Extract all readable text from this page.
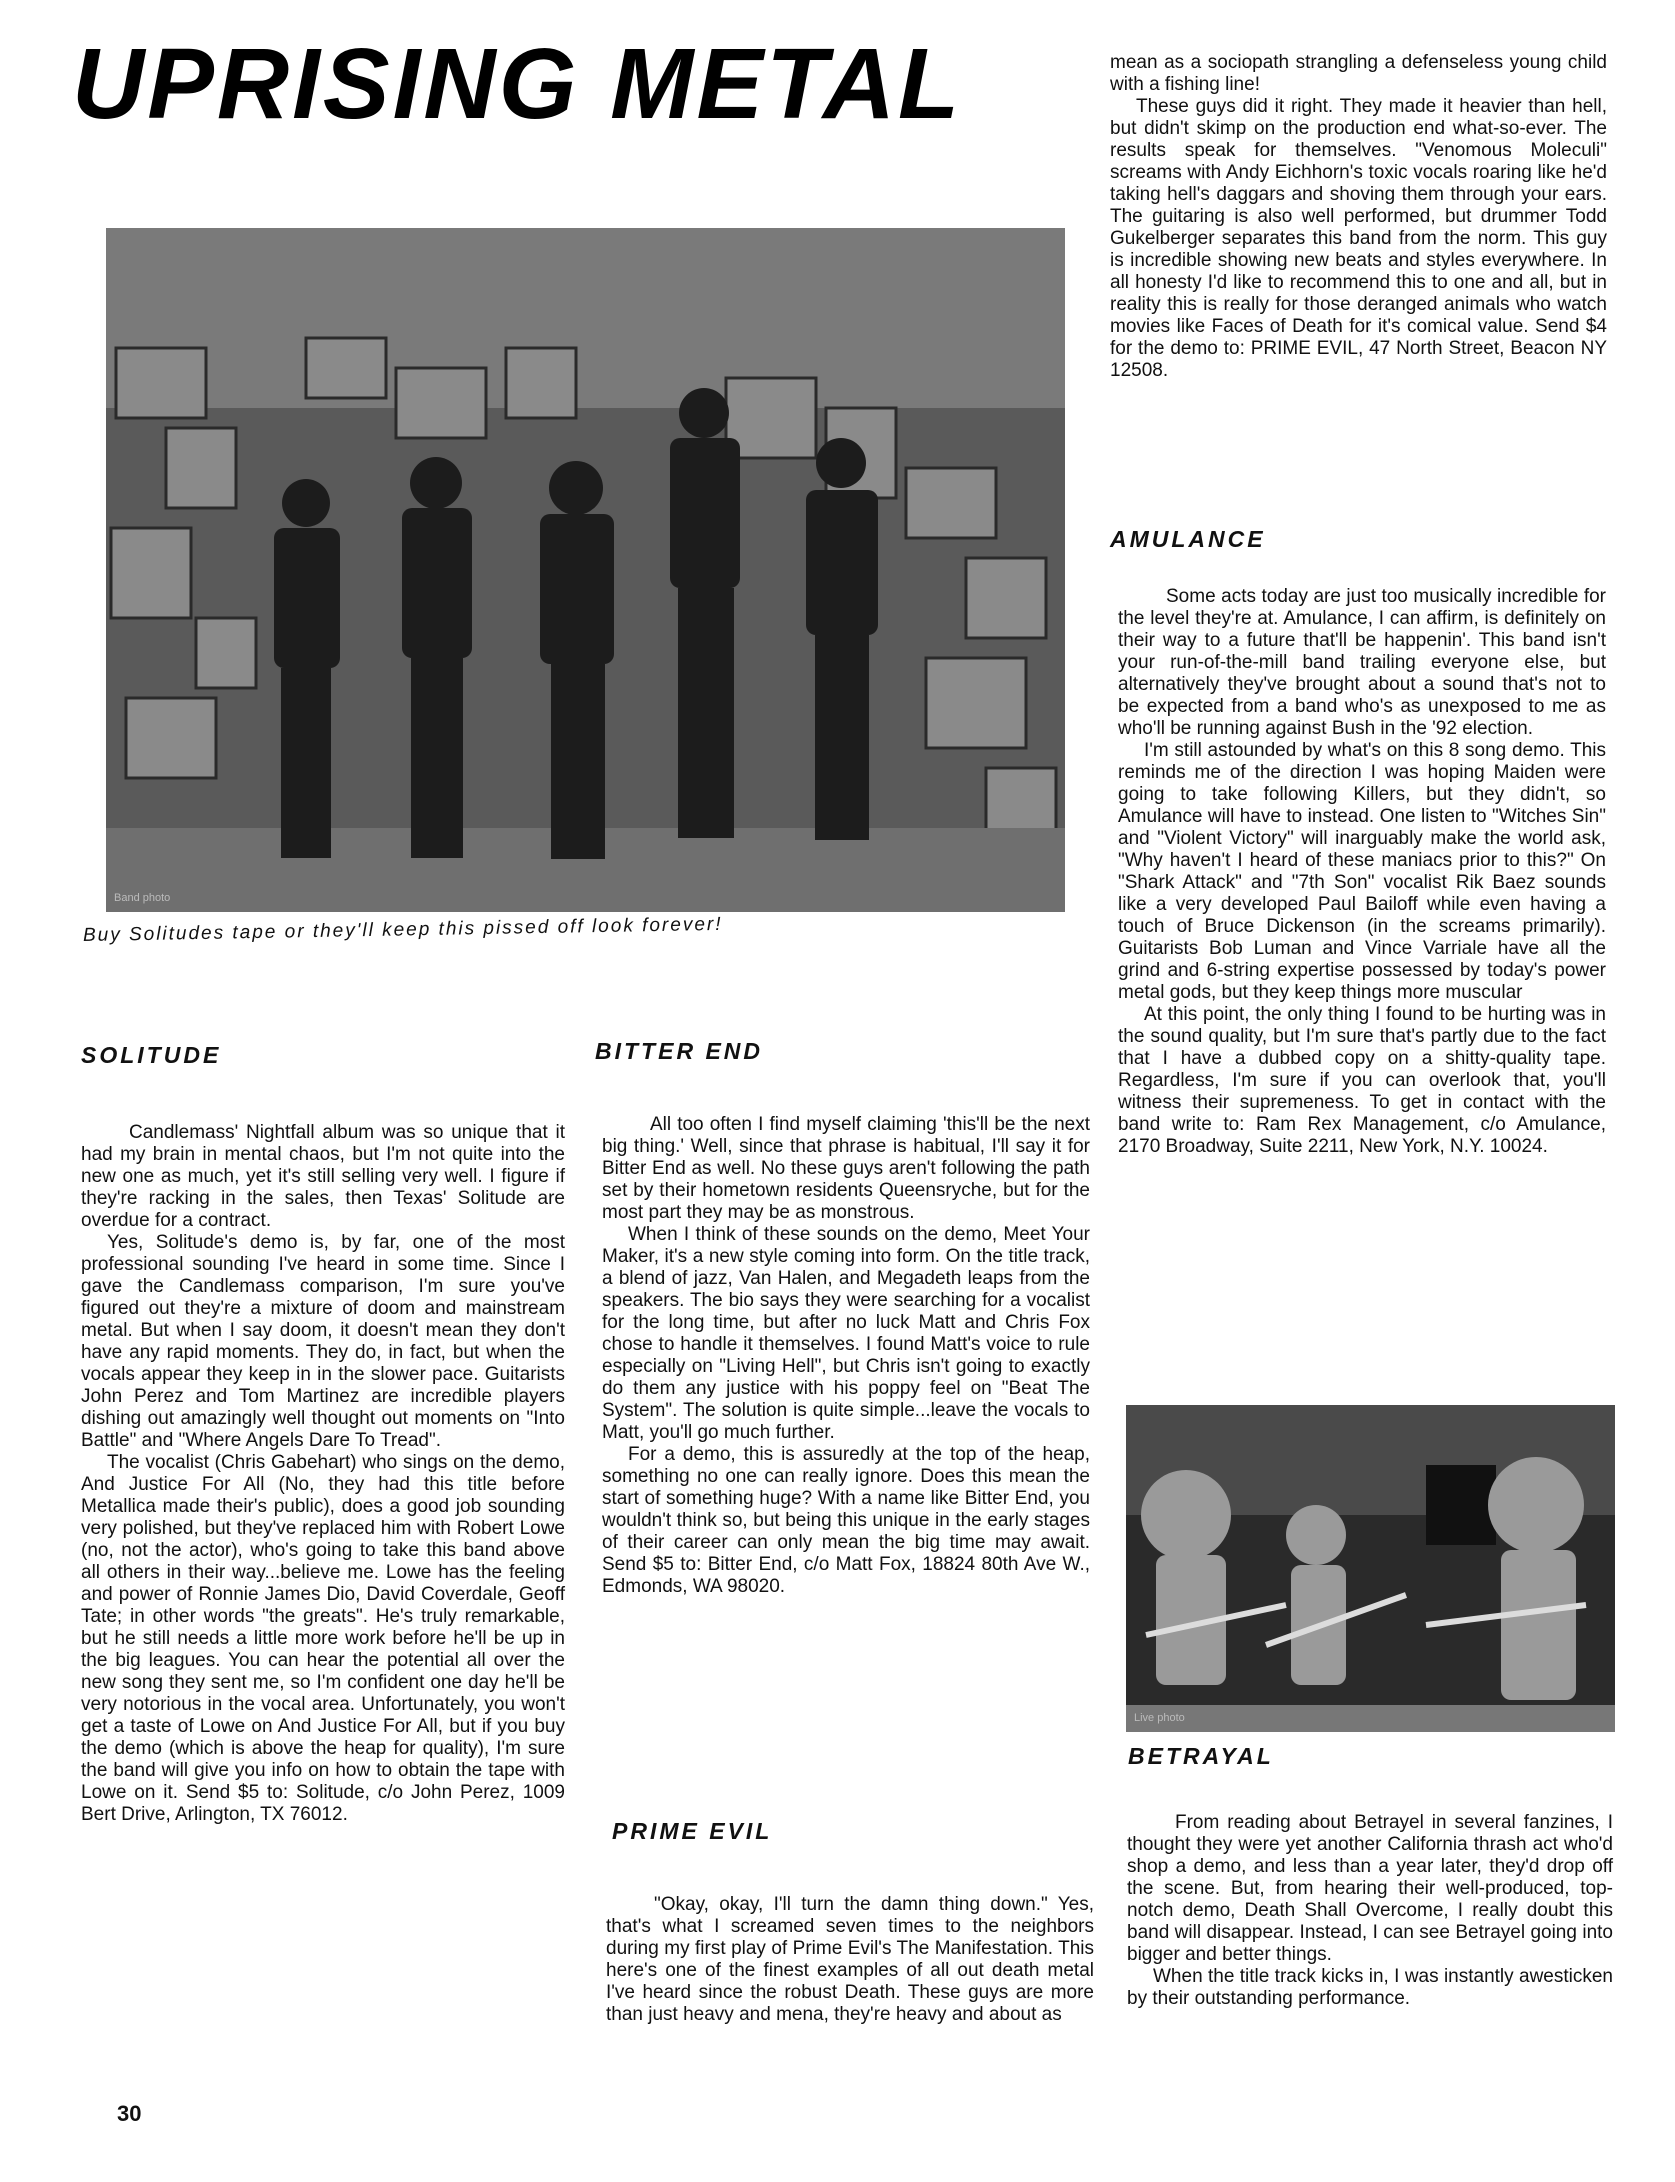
UPRISING METAL
Band photo

Buy Solitudes tape or they'll keep this pissed off look forever!

Live photo
SOLITUDE

Candlemass' Nightfall album was so unique that it had my brain in mental chaos, but I'm not quite into the new one as much, yet it's still selling very well. I figure if they're racking in the sales, then Texas' Solitude are overdue for a contract.

Yes, Solitude's demo is, by far, one of the most professional sounding I've heard in some time. Since I gave the Candlemass comparison, I'm sure you've figured out they're a mixture of doom and mainstream metal. But when I say doom, it doesn't mean they don't have any rapid moments. They do, in fact, but when the vocals appear they keep in in the slower pace. Guitarists John Perez and Tom Martinez are incredible players dishing out amazingly well thought out moments on "Into Battle" and "Where Angels Dare To Tread".

The vocalist (Chris Gabehart) who sings on the demo, And Justice For All (No, they had this title before Metallica made their's public), does a good job sounding very polished, but they've replaced him with Robert Lowe (no, not the actor), who's going to take this band above all others in their way...believe me. Lowe has the feeling and power of Ronnie James Dio, David Coverdale, Geoff Tate; in other words "the greats". He's truly remarkable, but he still needs a little more work before he'll be up in the big leagues. You can hear the potential all over the new song they sent me, so I'm confident one day he'll be very notorious in the vocal area. Unfortunately, you won't get a taste of Lowe on And Justice For All, but if you buy the demo (which is above the heap for quality), I'm sure the band will give you info on how to obtain the tape with Lowe on it. Send $5 to: Solitude, c/o John Perez, 1009 Bert Drive, Arlington, TX 76012.

BITTER END

All too often I find myself claiming 'this'll be the next big thing.' Well, since that phrase is habitual, I'll say it for Bitter End as well. No these guys aren't following the path set by their hometown residents Queensryche, but for the most part they may be as monstrous.

When I think of these sounds on the demo, Meet Your Maker, it's a new style coming into form. On the title track, a blend of jazz, Van Halen, and Megadeth leaps from the speakers. The bio says they were searching for a vocalist for the long time, but after no luck Matt and Chris Fox chose to handle it themselves. I found Matt's voice to rule especially on "Living Hell", but Chris isn't going to exactly do them any justice with his poppy feel on "Beat The System". The solution is quite simple...leave the vocals to Matt, you'll go much further.

For a demo, this is assuredly at the top of the heap, something no one can really ignore. Does this mean the start of something huge? With a name like Bitter End, you wouldn't think so, but being this unique in the early stages of their career can only mean the big time may await. Send $5 to: Bitter End, c/o Matt Fox, 18824 80th Ave W., Edmonds, WA 98020.

PRIME EVIL

"Okay, okay, I'll turn the damn thing down." Yes, that's what I screamed seven times to the neighbors during my first play of Prime Evil's The Manifestation. This here's one of the finest examples of all out death metal I've heard since the robust Death. These guys are more than just heavy and mena, they're heavy and about as

mean as a sociopath strangling a defenseless young child with a fishing line!

These guys did it right. They made it heavier than hell, but didn't skimp on the production end what-so-ever. The results speak for themselves. "Venomous Moleculi" screams with Andy Eichhorn's toxic vocals roaring like he'd taking hell's daggars and shoving them through your ears. The guitaring is also well performed, but drummer Todd Gukelberger separates this band from the norm. This guy is incredible showing new beats and styles everywhere. In all honesty I'd like to recommend this to one and all, but in reality this is really for those deranged animals who watch movies like Faces of Death for it's comical value. Send $4 for the demo to: PRIME EVIL, 47 North Street, Beacon NY 12508.

AMULANCE

Some acts today are just too musically incredible for the level they're at. Amulance, I can affirm, is definitely on their way to a future that'll be happenin'. This band isn't your run-of-the-mill band trailing everyone else, but alternatively they've brought about a sound that's not to be expected from a band who's as unexposed to me as who'll be running against Bush in the '92 election.

I'm still astounded by what's on this 8 song demo. This reminds me of the direction I was hoping Maiden were going to take following Killers, but they didn't, so Amulance will have to instead. One listen to "Witches Sin" and "Violent Victory" will inarguably make the world ask, "Why haven't I heard of these maniacs prior to this?" On "Shark Attack" and "7th Son" vocalist Rik Baez sounds like a very developed Paul Bailoff while even having a touch of Bruce Dickenson (in the screams primarily). Guitarists Bob Luman and Vince Varriale have all the grind and 6-string expertise possessed by today's power metal gods, but they keep things more muscular

At this point, the only thing I found to be hurting was in the sound quality, but I'm sure that's partly due to the fact that I have a dubbed copy on a shitty-quality tape. Regardless, I'm sure if you can overlook that, you'll witness their supremeness. To get in contact with the band write to: Ram Rex Management, c/o Amulance, 2170 Broadway, Suite 2211, New York, N.Y. 10024.

BETRAYAL

From reading about Betrayel in several fanzines, I thought they were yet another California thrash act who'd shop a demo, and less than a year later, they'd drop off the scene. But, from hearing their well-produced, top-notch demo, Death Shall Overcome, I really doubt this band will disappear. Instead, I can see Betrayel going into bigger and better things.

When the title track kicks in, I was instantly awesticken by their outstanding performance.

30
